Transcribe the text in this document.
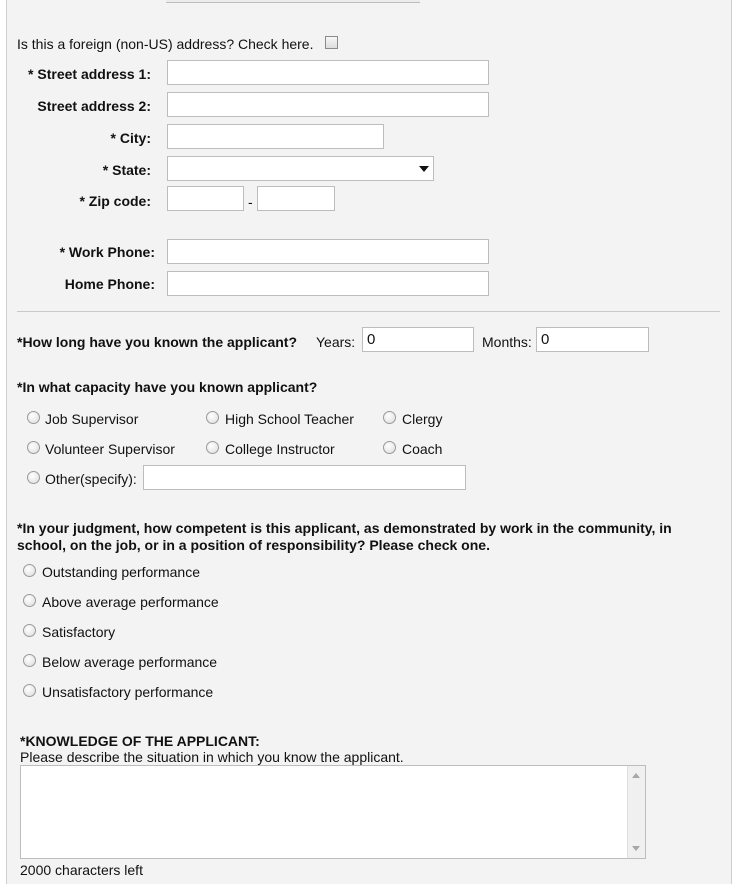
Is this a foreign (non-US) address? Check here.
* Street address 1:
Street address 2:
* City:
* State:
* Zip code:	-
* Work Phone:
Home Phone:
*How long have you known the applicant? Years: 0	Months: 0
*In what capacity have you known applicant?
Job Supervisor	High School Teacher	Clergy
Volunteer Supervisor	College Instructor	Coach
Other(specify):
*In your judgment, how competent is this applicant, as demonstrated by work in the community, in school, on the job, or in a position of responsibility? Please check one.
Outstanding performance
Above average performance
Satisfactory
Below average performance
Unsatisfactory performance
*KNOWLEDGE OF THE APPLICANT:
Please describe the situation in which you know the applicant.
2000 characters left
